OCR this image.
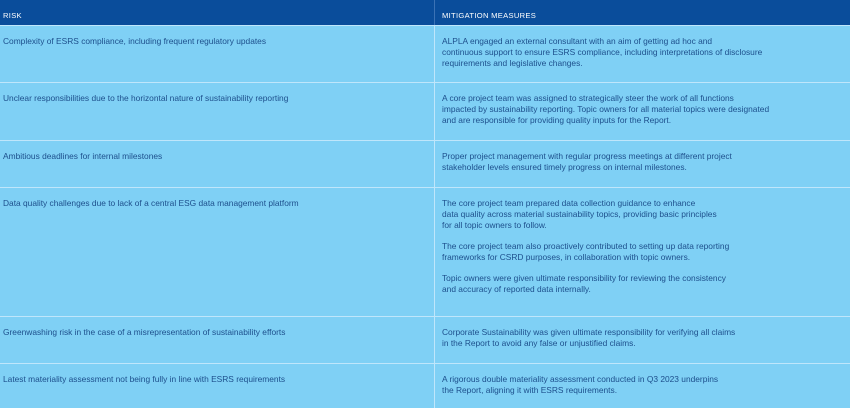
RISK	MITIGATION MEASURES
Complexity of ESRS compliance, including frequent regulatory updates	ALPLA engaged an external consultant with an aim of getting ad hoc and
continuous support to ensure ESRS compliance, including interpretations of disclosure
requirements and legislative changes.
Unclear responsibilities due to the horizontal nature of sustainability reporting	A core project team was assigned to strategically steer the work of all functions
impacted by sustainability reporting. Topic owners for all material topics were designated
and are responsible for providing quality inputs for the Report.
Ambitious deadlines for internal milestones	Proper project management with regular progress meetings at different project
stakeholder levels ensured timely progress on internal milestones.
Data quality challenges due to lack of a central ESG data management platform	The core project team prepared data collection guidance to enhance
data quality across material sustainability topics, providing basic principles
for all topic owners to follow.
The core project team also proactively contributed to setting up data reporting
frameworks for CSRD purposes, in collaboration with topic owners.
Topic owners were given ultimate responsibility for reviewing the consistency
and accuracy of reported data internally.
Greenwashing risk in the case of a misrepresentation of sustainability efforts	Corporate Sustainability was given ultimate responsibility for verifying all claims
in the Report to avoid any false or unjustified claims.
Latest materiality assessment not being fully in line with ESRS requirements	A rigorous double materiality assessment conducted in Q3 2023 underpins
the Report, aligning it with ESRS requirements.
